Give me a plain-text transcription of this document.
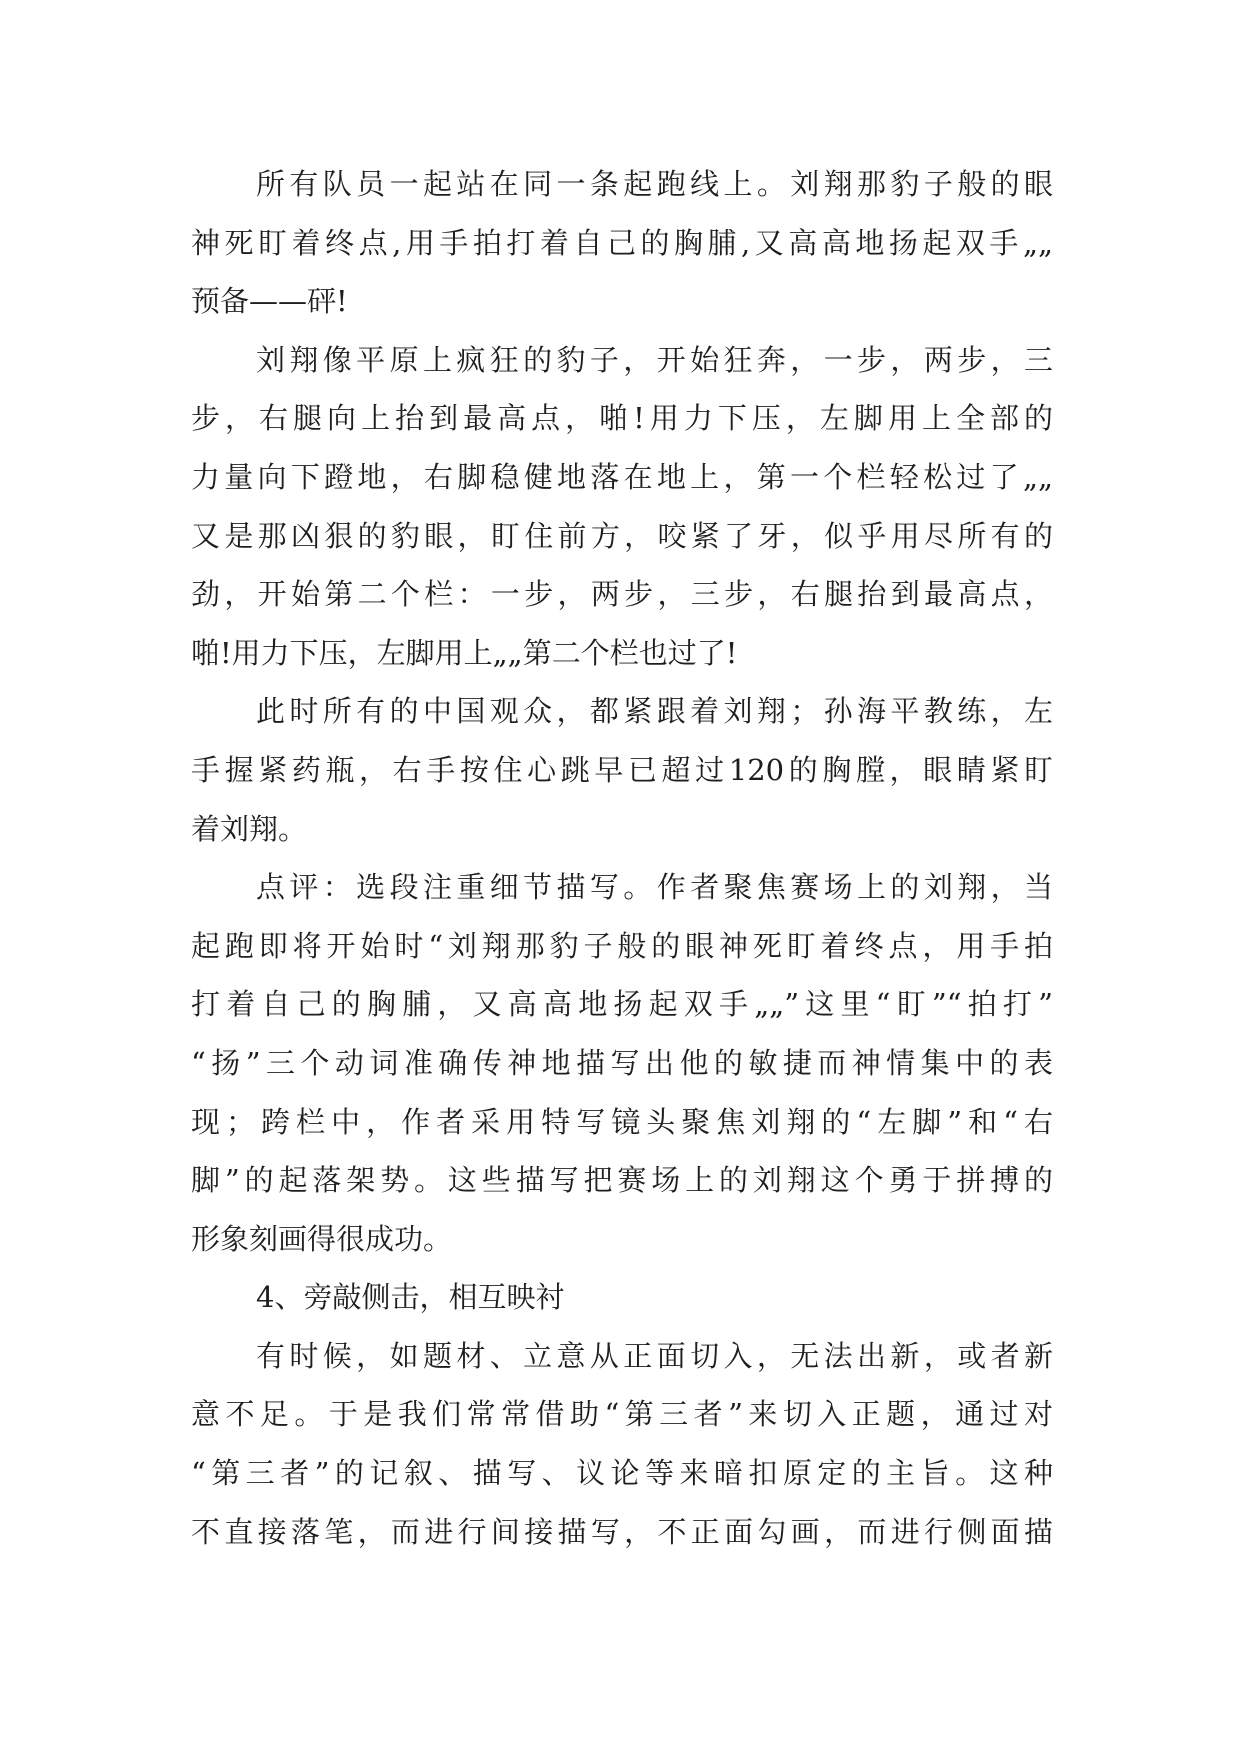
所有队员一起站在同一条起跑线上。刘翔那豹子般的眼
神死盯着终点,用手拍打着自己的胸脯,又高高地扬起双手„„
预备——砰!
刘翔像平原上疯狂的豹子，开始狂奔，一步，两步，三
步，右腿向上抬到最高点，啪!用力下压，左脚用上全部的
力量向下蹬地，右脚稳健地落在地上，第一个栏轻松过了„„
又是那凶狠的豹眼，盯住前方，咬紧了牙，似乎用尽所有的
劲，开始第二个栏：一步，两步，三步，右腿抬到最高点，
啪!用力下压，左脚用上„„第二个栏也过了!
此时所有的中国观众，都紧跟着刘翔；孙海平教练，左
手握紧药瓶，右手按住心跳早已超过120的胸膛，眼睛紧盯
着刘翔。
点评：选段注重细节描写。作者聚焦赛场上的刘翔，当
起跑即将开始时“刘翔那豹子般的眼神死盯着终点，用手拍
打着自己的胸脯，又高高地扬起双手„„”这里“盯”“拍打”
“扬”三个动词准确传神地描写出他的敏捷而神情集中的表
现；跨栏中，作者采用特写镜头聚焦刘翔的“左脚”和“右
脚”的起落架势。这些描写把赛场上的刘翔这个勇于拼搏的
形象刻画得很成功。
4、旁敲侧击，相互映衬
有时候，如题材、立意从正面切入，无法出新，或者新
意不足。于是我们常常借助“第三者”来切入正题，通过对
“第三者”的记叙、描写、议论等来暗扣原定的主旨。这种
不直接落笔，而进行间接描写，不正面勾画，而进行侧面描
